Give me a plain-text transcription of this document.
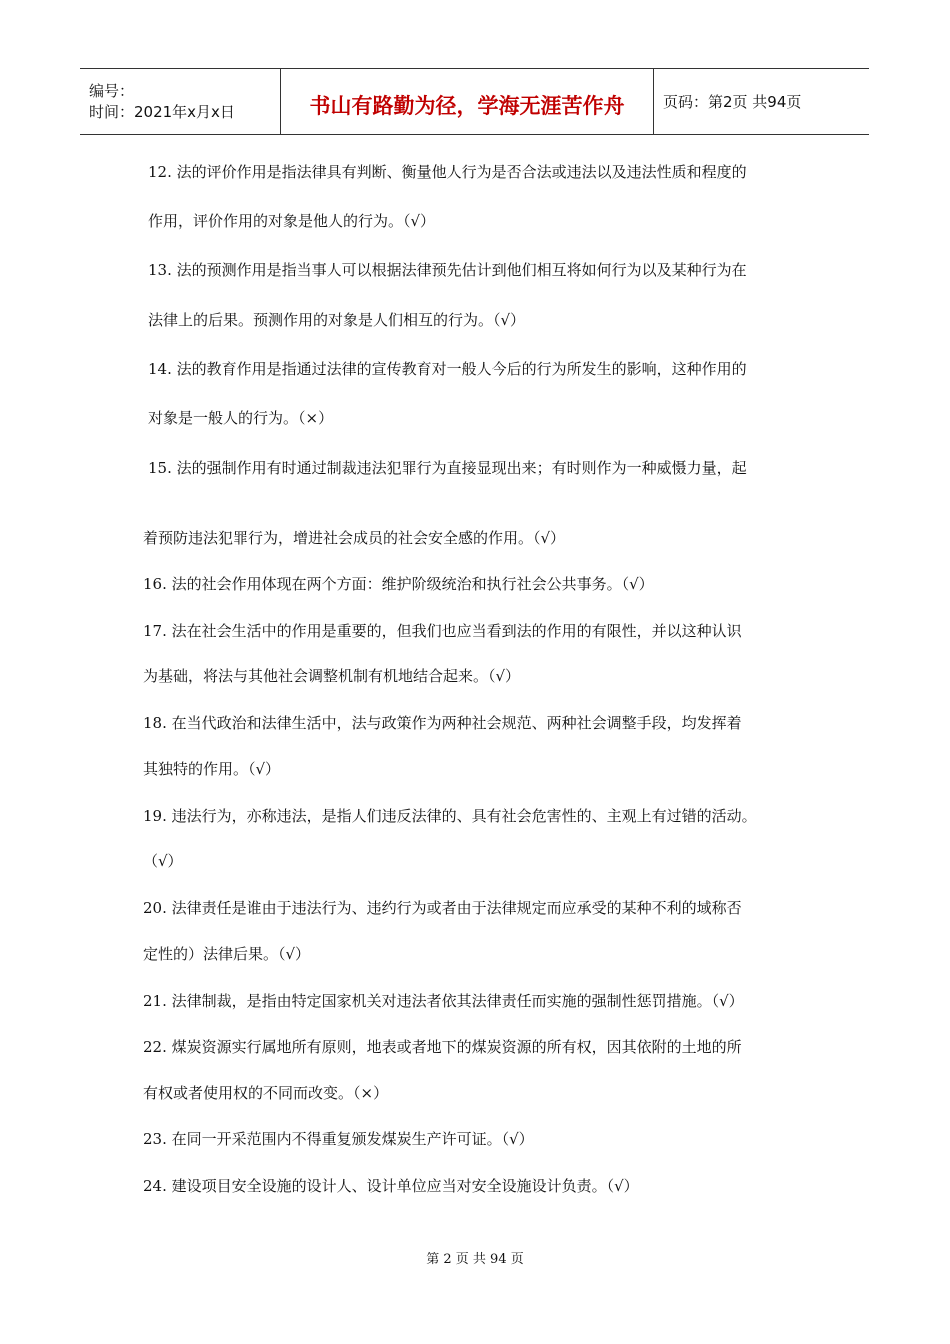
编号：
时间：2021年x月x日	书山有路勤为径，学海无涯苦作舟	页码：第2页 共94页

12. 法的评价作用是指法律具有判断、衡量他人行为是否合法或违法以及违法性质和程度的

作用，评价作用的对象是他人的行为。（√）

13. 法的预测作用是指当事人可以根据法律预先估计到他们相互将如何行为以及某种行为在

法律上的后果。预测作用的对象是人们相互的行为。（√）

14. 法的教育作用是指通过法律的宣传教育对一般人今后的行为所发生的影响，这种作用的

对象是一般人的行为。（×）

15. 法的强制作用有时通过制裁违法犯罪行为直接显现出来；有时则作为一种威慑力量，起

着预防违法犯罪行为，增进社会成员的社会安全感的作用。（√）

16. 法的社会作用体现在两个方面：维护阶级统治和执行社会公共事务。（√）

17. 法在社会生活中的作用是重要的，但我们也应当看到法的作用的有限性，并以这种认识

为基础，将法与其他社会调整机制有机地结合起来。（√）

18. 在当代政治和法律生活中，法与政策作为两种社会规范、两种社会调整手段，均发挥着

其独特的作用。（√）

19. 违法行为，亦称违法，是指人们违反法律的、具有社会危害性的、主观上有过错的活动。

（√）

20. 法律责任是谁由于违法行为、违约行为或者由于法律规定而应承受的某种不利的域称否

定性的）法律后果。（√）

21. 法律制裁，是指由特定国家机关对违法者依其法律责任而实施的强制性惩罚措施。（√）

22. 煤炭资源实行属地所有原则，地表或者地下的煤炭资源的所有权，因其依附的土地的所

有权或者使用权的不同而改变。（×）

23. 在同一开采范围内不得重复颁发煤炭生产许可证。（√）

24. 建设项目安全设施的设计人、设计单位应当对安全设施设计负责。（√）

第 2 页 共 94 页
